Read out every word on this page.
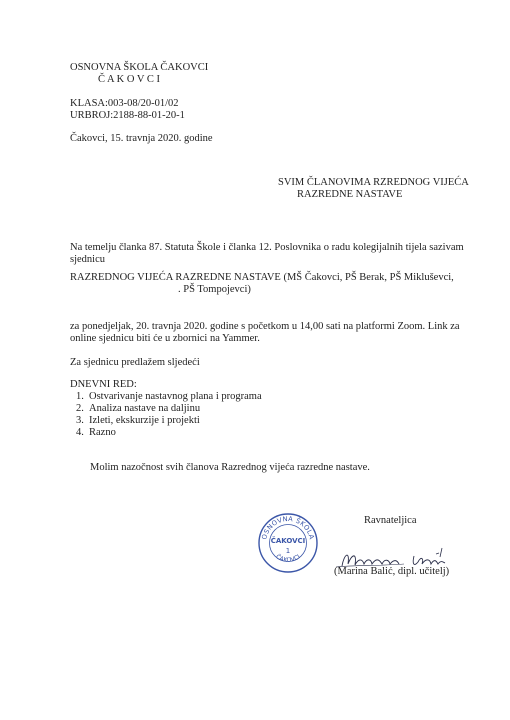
OSNOVNA ŠKOLA ČAKOVCI
Č A K O V C I
KLASA:003-08/20-01/02
URBROJ:2188-88-01-20-1
Čakovci, 15. travnja 2020. godine
SVIM ČLANOVIMA RZREDNOG VIJEĆA
RAZREDNE NASTAVE
Na temelju članka 87. Statuta Škole i članka 12. Poslovnika o radu kolegijalnih tijela sazivam
sjednicu
RAZREDNOG VIJEĆA RAZREDNE NASTAVE (MŠ Čakovci, PŠ Berak, PŠ Mikluševci,
. PŠ Tompojevci)
za ponedjeljak, 20. travnja 2020. godine s početkom u 14,00 sati na platformi Zoom. Link za
online sjednicu biti će u zbornici na Yammer.
Za sjednicu predlažem sljedeći
DNEVNI RED:
1. Ostvarivanje nastavnog plana i programa
2. Analiza nastave na daljinu
3. Izleti, ekskurzije i projekti
4. Razno
Molim nazočnost svih članova Razrednog vijeća razredne nastave.
Ravnateljica
OSNOVNA ŠKOLA
ČAKOVCI
1
ČAKOVCI
(Marina Balić, dipl. učitelj)
